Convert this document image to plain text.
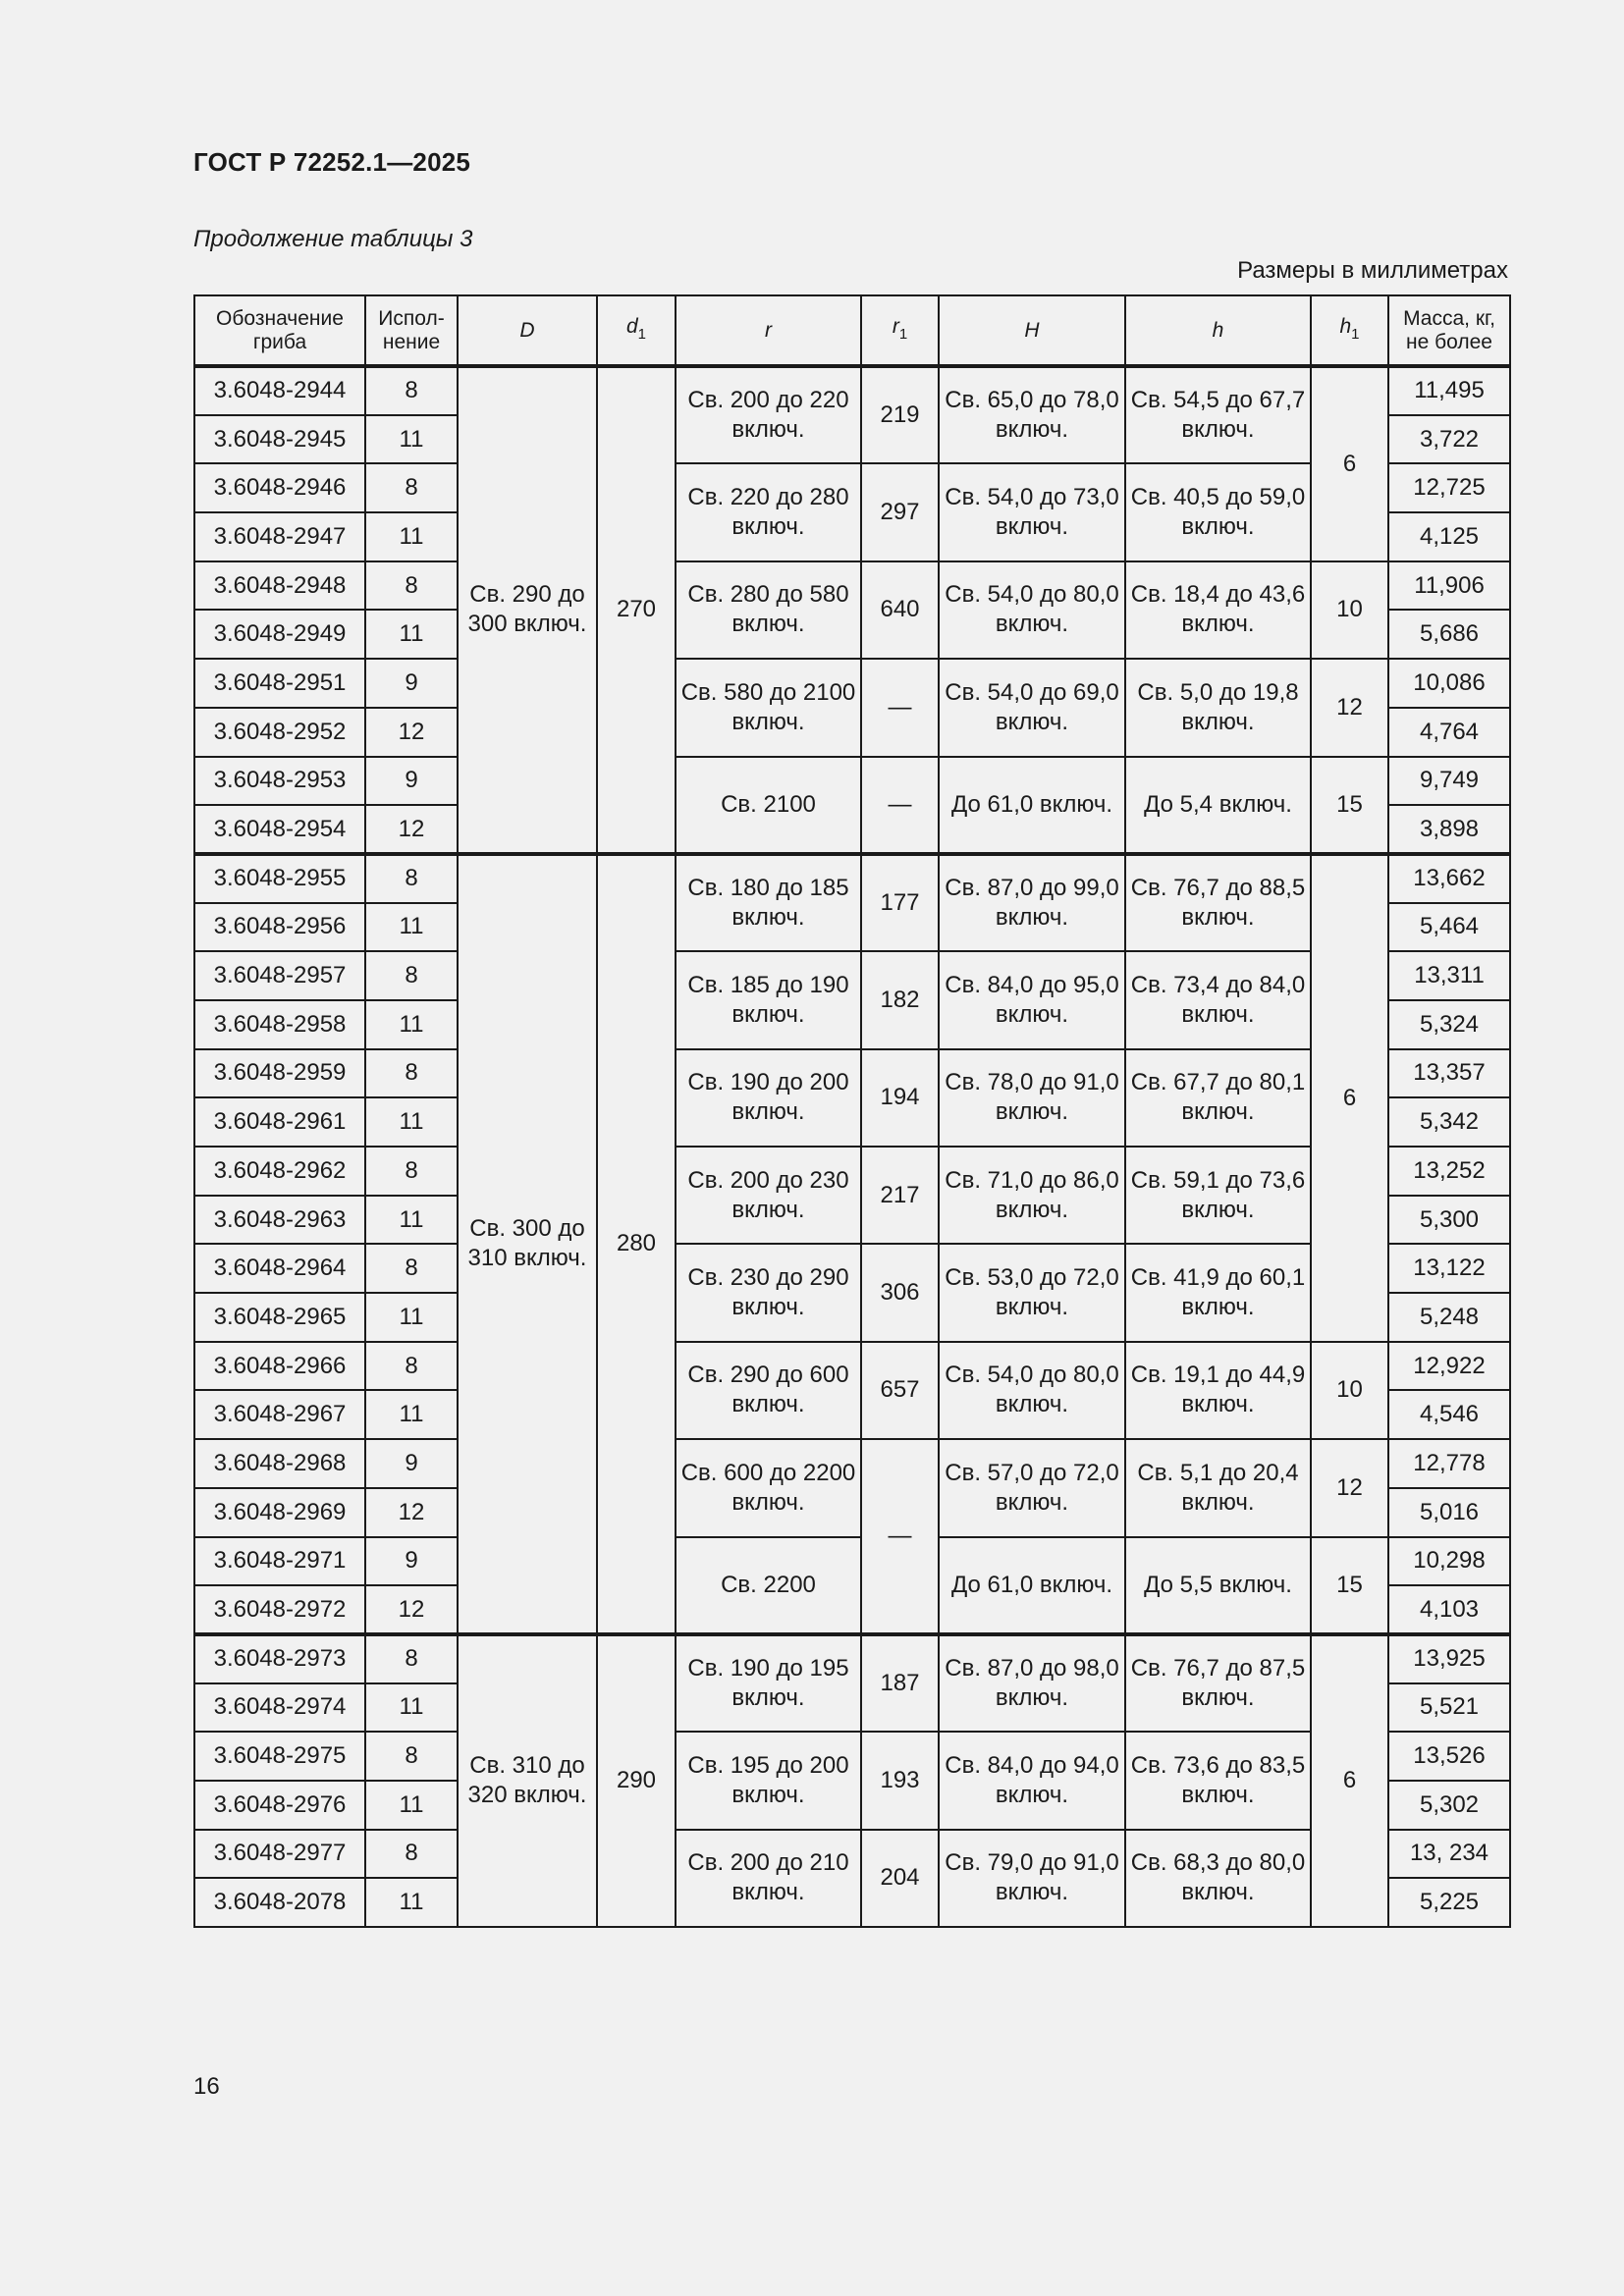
ГОСТ Р 72252.1—2025
Продолжение таблицы 3
Размеры в миллиметрах
Обозначение гриба	Испол- нение	D	$d_1$	r	$r_1$	H	h	$h_1$	Масса, кг, не более
3.6048-2944	8	Св. 290 до 300 включ.	270	Св. 200 до 220 включ.	219	Св. 65,0 до 78,0 включ.	Св. 54,5 до 67,7 включ.	6	11,495
3.6048-2945	11								3,722
3.6048-2946	8			Св. 220 до 280 включ.	297	Св. 54,0 до 73,0 включ.	Св. 40,5 до 59,0 включ.		12,725
3.6048-2947	11								4,125
3.6048-2948	8			Св. 280 до 580 включ.	640	Св. 54,0 до 80,0 включ.	Св. 18,4 до 43,6 включ.	10	11,906
3.6048-2949	11								5,686
3.6048-2951	9			Св. 580 до 2100 включ.	—	Св. 54,0 до 69,0 включ.	Св. 5,0 до 19,8 включ.	12	10,086
3.6048-2952	12								4,764
3.6048-2953	9			Св. 2100	—	До 61,0 включ.	До 5,4 включ.	15	9,749
3.6048-2954	12								3,898
3.6048-2955	8	Св. 300 до 310 включ.	280	Св. 180 до 185 включ.	177	Св. 87,0 до 99,0 включ.	Св. 76,7 до 88,5 включ.	6	13,662
3.6048-2956	11								5,464
3.6048-2957	8			Св. 185 до 190 включ.	182	Св. 84,0 до 95,0 включ.	Св. 73,4 до 84,0 включ.		13,311
3.6048-2958	11								5,324
3.6048-2959	8			Св. 190 до 200 включ.	194	Св. 78,0 до 91,0 включ.	Св. 67,7 до 80,1 включ.		13,357
3.6048-2961	11								5,342
3.6048-2962	8			Св. 200 до 230 включ.	217	Св. 71,0 до 86,0 включ.	Св. 59,1 до 73,6 включ.		13,252
3.6048-2963	11								5,300
3.6048-2964	8			Св. 230 до 290 включ.	306	Св. 53,0 до 72,0 включ.	Св. 41,9 до 60,1 включ.		13,122
3.6048-2965	11								5,248
3.6048-2966	8			Св. 290 до 600 включ.	657	Св. 54,0 до 80,0 включ.	Св. 19,1 до 44,9 включ.	10	12,922
3.6048-2967	11								4,546
3.6048-2968	9			Св. 600 до 2200 включ.	—	Св. 57,0 до 72,0 включ.	Св. 5,1 до 20,4 включ.	12	12,778
3.6048-2969	12								5,016
3.6048-2971	9			Св. 2200		До 61,0 включ.	До 5,5 включ.	15	10,298
3.6048-2972	12								4,103
3.6048-2973	8	Св. 310 до 320 включ.	290	Св. 190 до 195 включ.	187	Св. 87,0 до 98,0 включ.	Св. 76,7 до 87,5 включ.	6	13,925
3.6048-2974	11								5,521
3.6048-2975	8			Св. 195 до 200 включ.	193	Св. 84,0 до 94,0 включ.	Св. 73,6 до 83,5 включ.		13,526
3.6048-2976	11								5,302
3.6048-2977	8			Св. 200 до 210 включ.	204	Св. 79,0 до 91,0 включ.	Св. 68,3 до 80,0 включ.		13, 234
3.6048-2078	11								5,225
16
